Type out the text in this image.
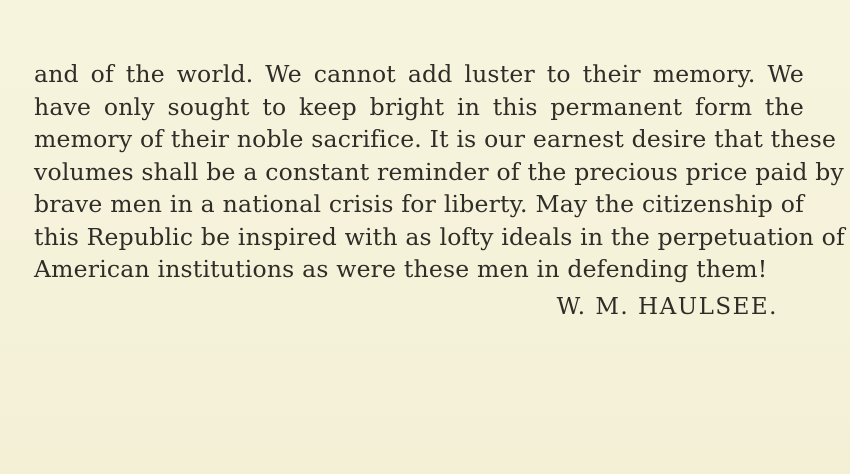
and of the world. We cannot add luster to their memory. We
have only sought to keep bright in this permanent form the
memory of their noble sacrifice. It is our earnest desire that these
volumes shall be a constant reminder of the precious price paid by
brave men in a national crisis for liberty. May the citizenship of
this Republic be inspired with as lofty ideals in the perpetuation of
American institutions as were these men in defending them!
W. M. HAULSEE.
